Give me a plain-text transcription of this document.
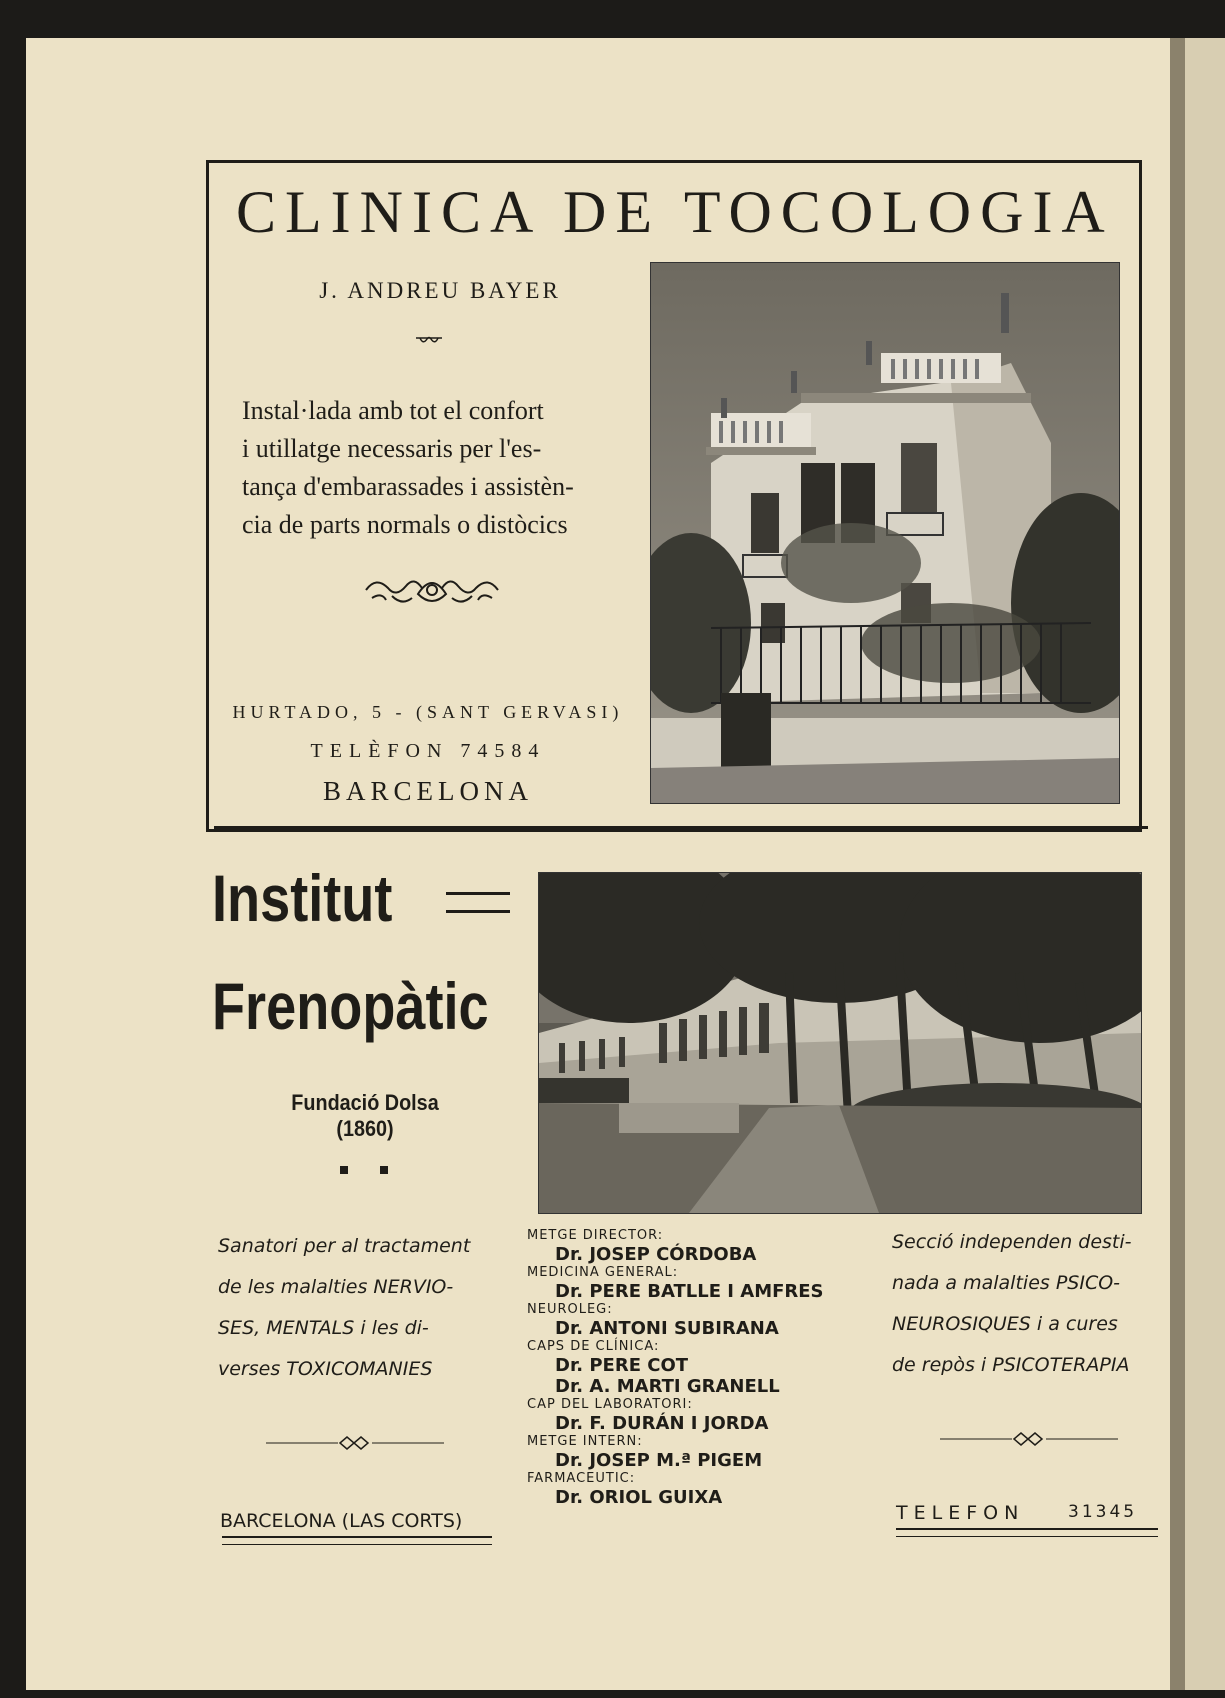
CLINICA DE TOCOLOGIA
J. ANDREU BAYER
Instal·lada amb tot el confort
i utillatge necessaris per l'es-
tança d'embarassades i assistèn-
cia de parts normals o distòcics
HURTADO, 5 - (SANT GERVASI)
TELÈFON 74584
BARCELONA
Institut
Frenopàtic
Fundació Dolsa (1860)
Sanatori per al tractament
de les malalties NERVIO-
SES, MENTALS i les di-
verses TOXICOMANIES
METGE DIRECTOR:
Dr. JOSEP CÓRDOBA
MEDICINA GENERAL:
Dr. PERE BATLLE I AMFRES
NEUROLEG:
Dr. ANTONI SUBIRANA
CAPS DE CLÍNICA:
Dr. PERE COT
Dr. A. MARTI GRANELL
CAP DEL LABORATORI:
Dr. F. DURÁN I JORDA
METGE INTERN:
Dr. JOSEP M.ª PIGEM
FARMACEUTIC:
Dr. ORIOL GUIXA
Secció independen desti-
nada a malalties PSICO-
NEUROSIQUES i a cures
de repòs i PSICOTERAPIA
BARCELONA (LAS CORTS)	TELEFON	31345
